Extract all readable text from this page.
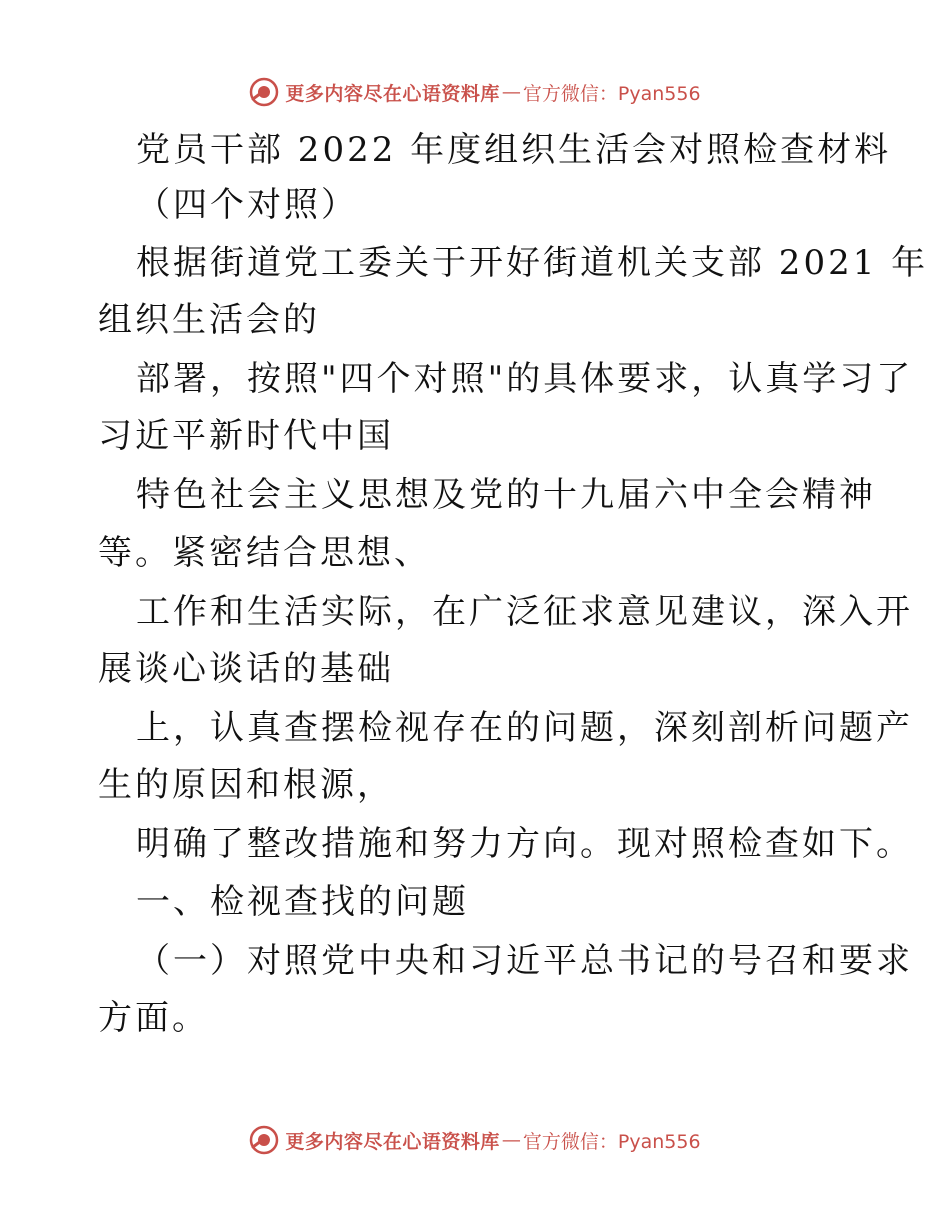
更多内容尽在心语资料库 — 官方微信：Pyan556
党员干部 2022 年度组织生活会对照检查材料
（四个对照）
根据街道党工委关于开好街道机关支部 2021 年
组织生活会的
部署，按照"四个对照"的具体要求，认真学习了
习近平新时代中国
特色社会主义思想及党的十九届六中全会精神
等。紧密结合思想、
工作和生活实际，在广泛征求意见建议，深入开
展谈心谈话的基础
上，认真查摆检视存在的问题，深刻剖析问题产
生的原因和根源，
明确了整改措施和努力方向。现对照检查如下。
一、检视查找的问题
（一）对照党中央和习近平总书记的号召和要求
方面。
更多内容尽在心语资料库 — 官方微信：Pyan556
